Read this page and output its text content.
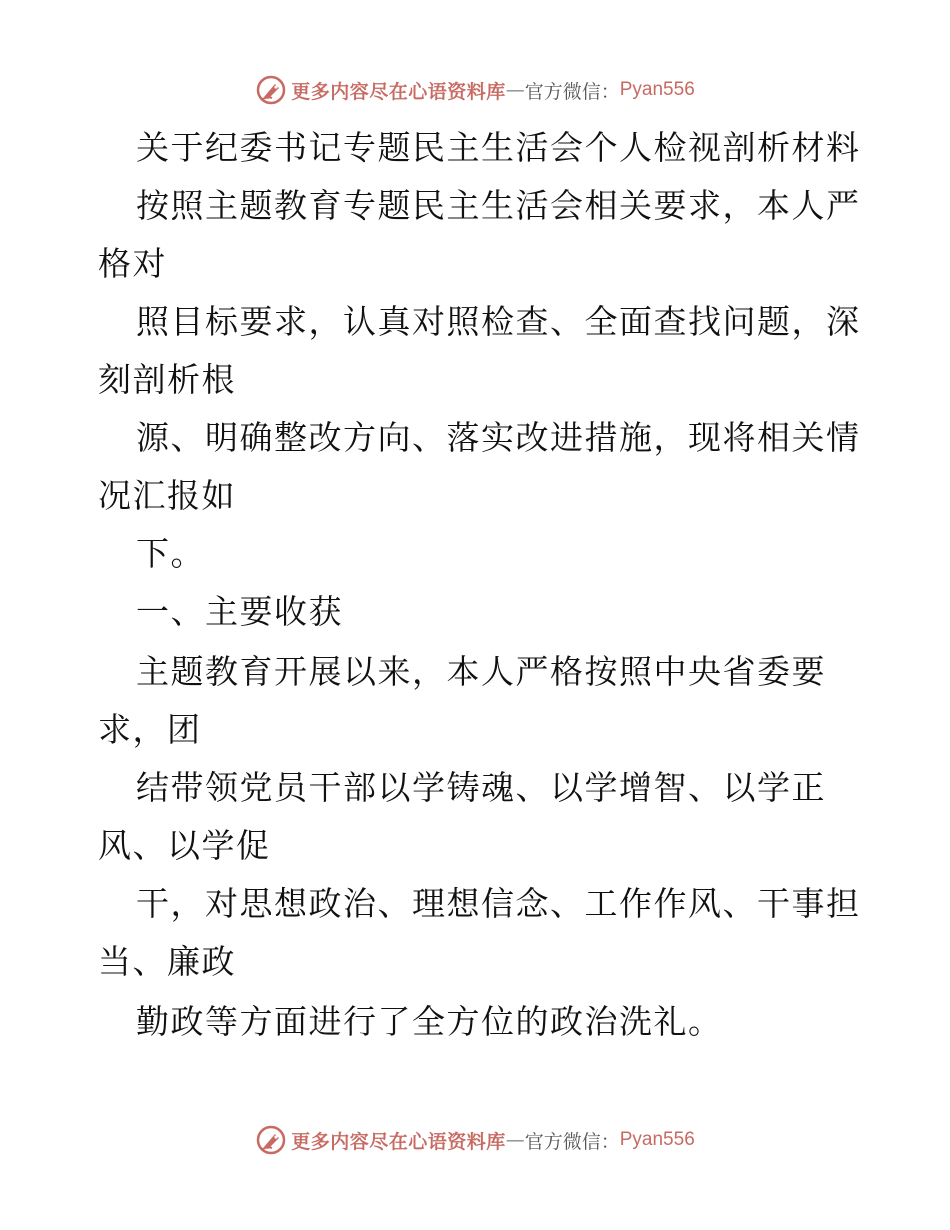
更多内容尽在心语资料库 — 官方微信： Pyan556
关于纪委书记专题民主生活会个人检视剖析材料
按照主题教育专题民主生活会相关要求，本人严
格对
照目标要求，认真对照检查、全面查找问题，深
刻剖析根
源、明确整改方向、落实改进措施，现将相关情
况汇报如
下。
一、主要收获
主题教育开展以来，本人严格按照中央省委要
求，团
结带领党员干部以学铸魂、以学增智、以学正
风、以学促
干，对思想政治、理想信念、工作作风、干事担
当、廉政
勤政等方面进行了全方位的政治洗礼。
更多内容尽在心语资料库 — 官方微信： Pyan556
